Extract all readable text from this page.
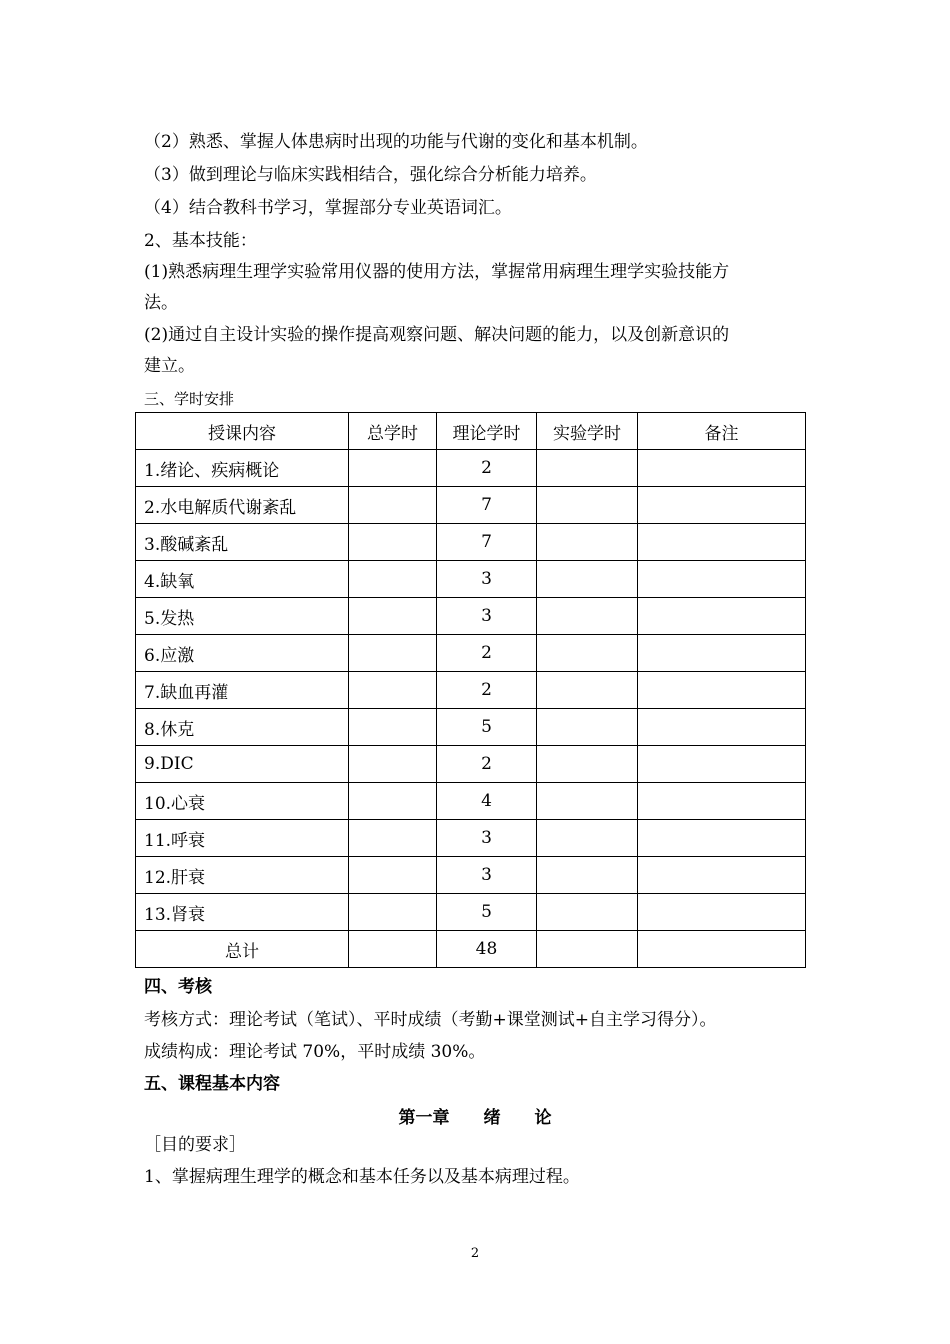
（2）熟悉、掌握人体患病时出现的功能与代谢的变化和基本机制。
（3）做到理论与临床实践相结合，强化综合分析能力培养。
（4）结合教科书学习，掌握部分专业英语词汇。
2、基本技能：
(1)熟悉病理生理学实验常用仪器的使用方法，掌握常用病理生理学实验技能方
法。
(2)通过自主设计实验的操作提高观察问题、解决问题的能力，以及创新意识的
建立。
三、学时安排
授课内容	总学时	理论学时	实验学时	备注
1.绪论、疾病概论		2		
2.水电解质代谢紊乱		7		
3.酸碱紊乱		7		
4.缺氧		3		
5.发热		3		
6.应激		2		
7.缺血再灌		2		
8.休克		5		
9.DIC		2		
10.心衰		4		
11.呼衰		3		
12.肝衰		3		
13.肾衰		5		
总计		48		
四、考核
考核方式：理论考试（笔试）、平时成绩（考勤+课堂测试+自主学习得分）。
成绩构成：理论考试 70%，平时成绩 30%。
五、课程基本内容
第一章　　绪　　论
［目的要求］
1、掌握病理生理学的概念和基本任务以及基本病理过程。
2
